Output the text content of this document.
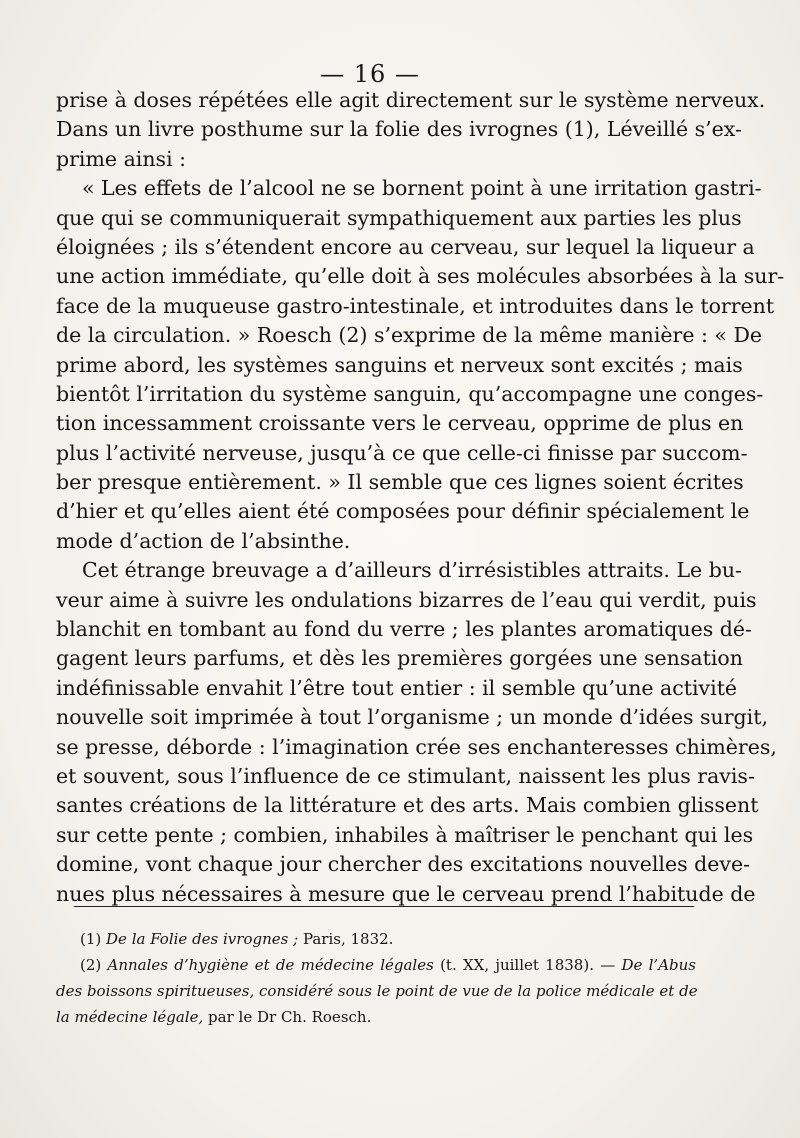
— 16 —
prise à doses répétées elle agit directement sur le système nerveux.
Dans un livre posthume sur la folie des ivrognes (1), Léveillé s’ex-
prime ainsi :
« Les effets de l’alcool ne se bornent point à une irritation gastri-
que qui se communiquerait sympathiquement aux parties les plus
éloignées ; ils s’étendent encore au cerveau, sur lequel la liqueur a
une action immédiate, qu’elle doit à ses molécules absorbées à la sur-
face de la muqueuse gastro-intestinale, et introduites dans le torrent
de la circulation. » Roesch (2) s’exprime de la même manière : « De
prime abord, les systèmes sanguins et nerveux sont excités ; mais
bientôt l’irritation du système sanguin, qu’accompagne une conges-
tion incessamment croissante vers le cerveau, opprime de plus en
plus l’activité nerveuse, jusqu’à ce que celle-ci finisse par succom-
ber presque entièrement. » Il semble que ces lignes soient écrites
d’hier et qu’elles aient été composées pour définir spécialement le
mode d’action de l’absinthe.
Cet étrange breuvage a d’ailleurs d’irrésistibles attraits. Le bu-
veur aime à suivre les ondulations bizarres de l’eau qui verdit, puis
blanchit en tombant au fond du verre ; les plantes aromatiques dé-
gagent leurs parfums, et dès les premières gorgées une sensation
indéfinissable envahit l’être tout entier : il semble qu’une activité
nouvelle soit imprimée à tout l’organisme ; un monde d’idées surgit,
se presse, déborde : l’imagination crée ses enchanteresses chimères,
et souvent, sous l’influence de ce stimulant, naissent les plus ravis-
santes créations de la littérature et des arts. Mais combien glissent
sur cette pente ; combien, inhabiles à maîtriser le penchant qui les
domine, vont chaque jour chercher des excitations nouvelles deve-
nues plus nécessaires à mesure que le cerveau prend l’habitude de
(1) De la Folie des ivrognes ; Paris, 1832.
(2) Annales d’hygiène et de médecine légales (t. XX, juillet 1838). — De l’Abus
des boissons spiritueuses, considéré sous le point de vue de la police médicale et de
la médecine légale, par le Dr Ch. Roesch.
